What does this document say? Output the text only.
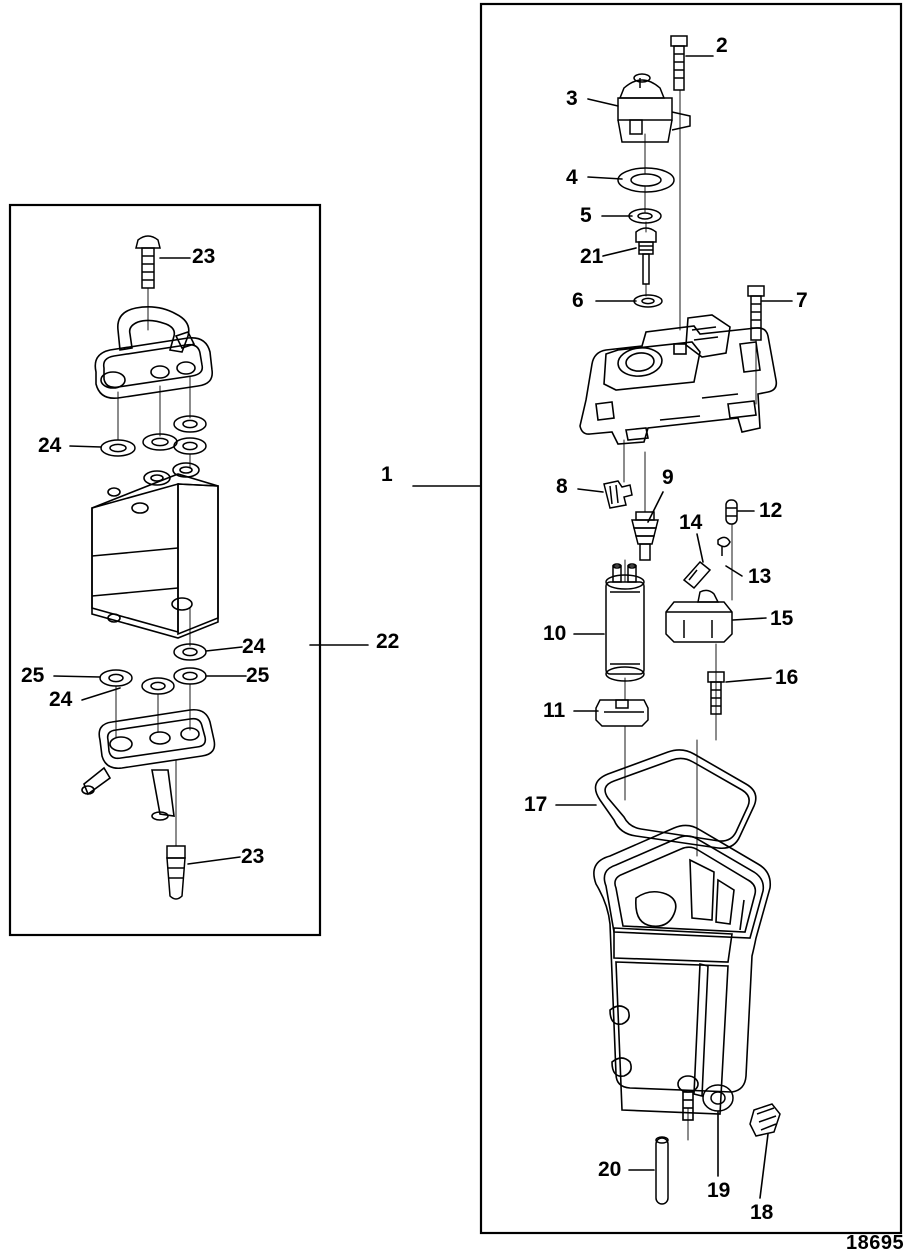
1
2
3
4
5
6	7
8	9
10
11
12
13
14
15
16
17
18
19
20
21
22
23
23
24
24
24
25	25
18695
